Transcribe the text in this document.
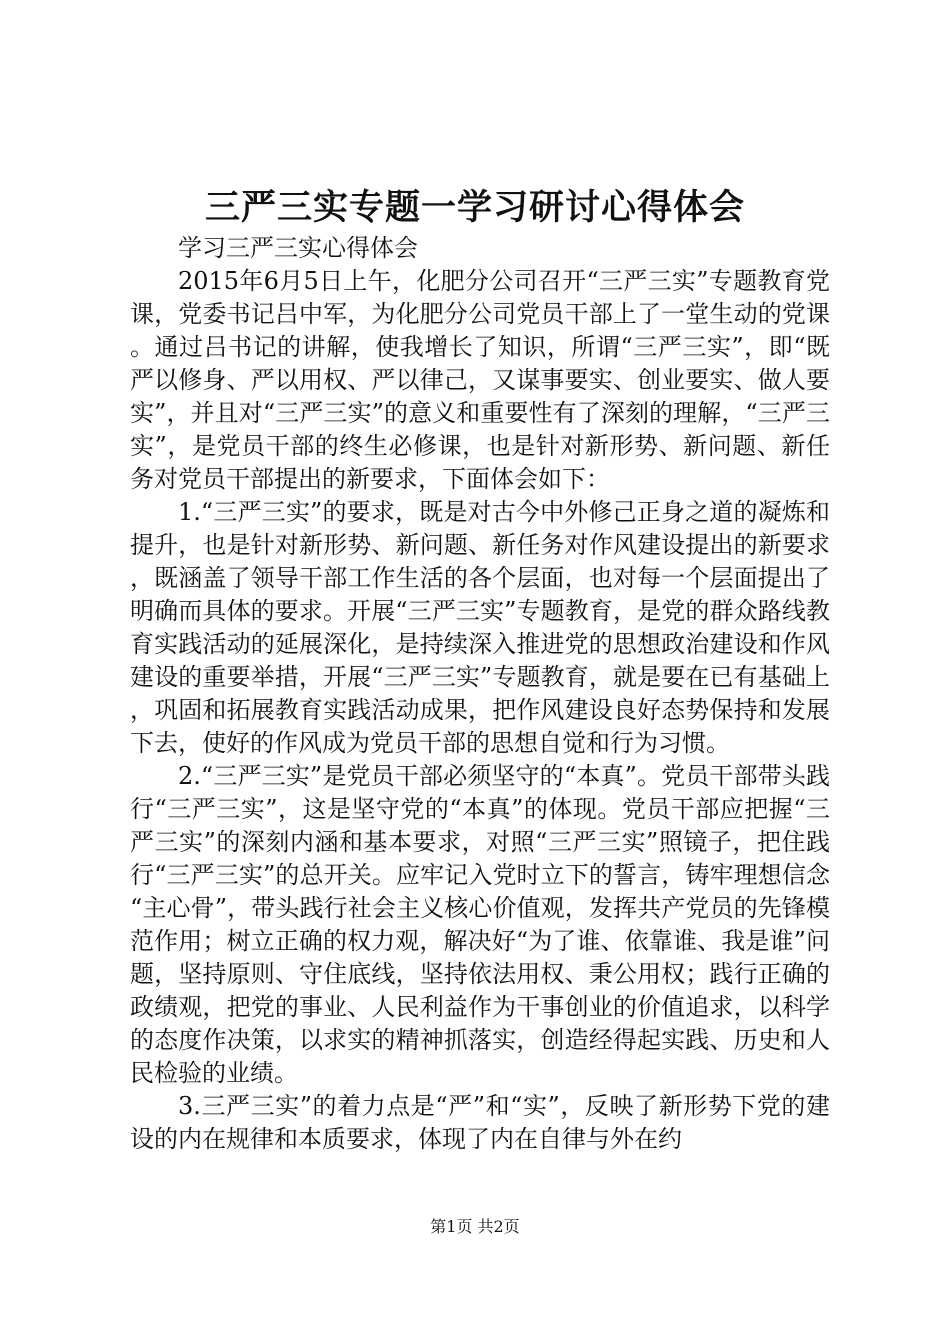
三严三实专题一学习研讨心得体会

学习三严三实心得体会

2015年6月5日上午，化肥分公司召开“三严三实”专题教育党课，党委书记吕中军，为化肥分公司党员干部上了一堂生动的党课。通过吕书记的讲解，使我增长了知识，所谓“三严三实”，即“既严以修身、严以用权、严以律己，又谋事要实、创业要实、做人要实”，并且对“三严三实”的意义和重要性有了深刻的理解，“三严三实”，是党员干部的终生必修课，也是针对新形势、新问题、新任务对党员干部提出的新要求，下面体会如下：

1.“三严三实”的要求，既是对古今中外修己正身之道的凝炼和提升，也是针对新形势、新问题、新任务对作风建设提出的新要求，既涵盖了领导干部工作生活的各个层面，也对每一个层面提出了明确而具体的要求。开展“三严三实”专题教育，是党的群众路线教育实践活动的延展深化，是持续深入推进党的思想政治建设和作风建设的重要举措，开展“三严三实”专题教育，就是要在已有基础上，巩固和拓展教育实践活动成果，把作风建设良好态势保持和发展下去，使好的作风成为党员干部的思想自觉和行为习惯。

2.“三严三实”是党员干部必须坚守的“本真”。党员干部带头践行“三严三实”，这是坚守党的“本真”的体现。党员干部应把握“三严三实”的深刻内涵和基本要求，对照“三严三实”照镜子，把住践行“三严三实”的总开关。应牢记入党时立下的誓言，铸牢理想信念“主心骨”，带头践行社会主义核心价值观，发挥共产党员的先锋模范作用；树立正确的权力观，解决好“为了谁、依靠谁、我是谁”问题，坚持原则、守住底线，坚持依法用权、秉公用权；践行正确的政绩观，把党的事业、人民利益作为干事创业的价值追求，以科学的态度作决策，以求实的精神抓落实，创造经得起实践、历史和人民检验的业绩。

3.三严三实”的着力点是“严”和“实”，反映了新形势下党的建设的内在规律和本质要求，体现了内在自律与外在约

第1页 共2页
